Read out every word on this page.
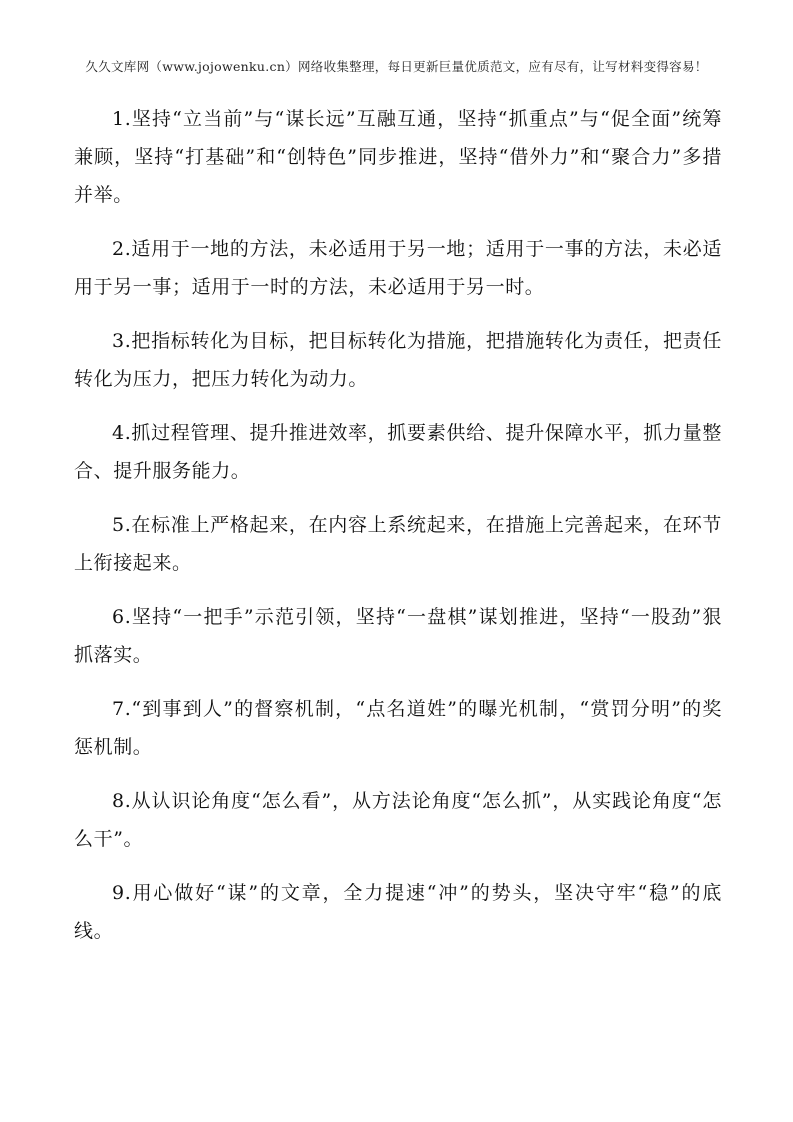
久久文库网（www.jojowenku.cn）网络收集整理，每日更新巨量优质范文，应有尽有，让写材料变得容易！

1.坚持“立当前”与“谋长远”互融互通，坚持“抓重点”与“促全面”统筹兼顾，坚持“打基础”和“创特色”同步推进，坚持“借外力”和“聚合力”多措并举。

2.适用于一地的方法，未必适用于另一地；适用于一事的方法，未必适用于另一事；适用于一时的方法，未必适用于另一时。

3.把指标转化为目标，把目标转化为措施，把措施转化为责任，把责任转化为压力，把压力转化为动力。

4.抓过程管理、提升推进效率，抓要素供给、提升保障水平，抓力量整合、提升服务能力。

5.在标准上严格起来，在内容上系统起来，在措施上完善起来，在环节上衔接起来。

6.坚持“一把手”示范引领，坚持“一盘棋”谋划推进，坚持“一股劲”狠抓落实。

7.“到事到人”的督察机制，“点名道姓”的曝光机制，“赏罚分明”的奖惩机制。

8.从认识论角度“怎么看”，从方法论角度“怎么抓”，从实践论角度“怎么干”。

9.用心做好“谋”的文章，全力提速“冲”的势头，坚决守牢“稳”的底线。
